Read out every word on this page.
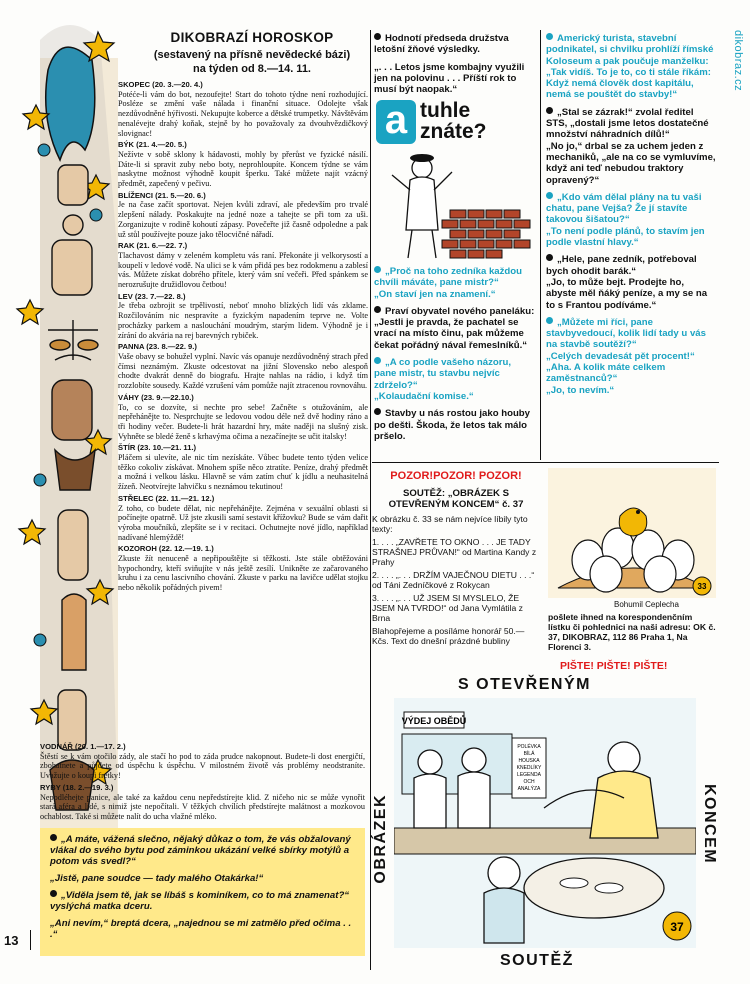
dikobraz.cz
DIKOBRAZÍ HOROSKOP
(sestavený na přísně nevědecké bázi)
na týden od 8.—14. 11.
SKOPEC (20. 3.—20. 4.)
Potéće-li vám do bot, nezoufejte! Start do tohoto týdne není rozhodující. Posléze se změní vaše nálada i finanční situace. Odolejte však nezdůvodněné hýřivosti. Nekupujte koberce a dětské trumpetky. Návštěvám nenalévejte drahý koňak, stejně by ho považovaly za dvouhvězdičkový slovignac!
BÝK (21. 4.—20. 5.)
Nežívte v sobě sklony k hádavosti, mohly by přerůst ve fyzické násilí. Dáte-li si spravit zuby nebo boty, neprohloupíte. Koncem týdne se vám naskytne možnost výhodně koupit šperku. Také můžete najít vzácný předmět, zapečený v pečivu.
BLÍŽENCI (21. 5.—20. 6.)
Je na čase začít sportovat. Nejen kvůli zdraví, ale především pro trvalé zlepšení nálady. Poskakujte na jedné noze a tahejte se při tom za uši. Zorganizujte v rodině kohoutí zápasy. Povečeřte již časně odpoledne a pak už stůl používejte pouze jako tělocvičné nářadí.
RAK (21. 6.—22. 7.)
Tlachavost dámy v zeleném kompletu vás raní. Překonáte ji velkorysostí a koupelí v ledové vodě. Na ulici se k vám přidá pes bez rodokmenu a zablesí vás. Můžete získat dobrého přítele, který vám sní večeři. Před spánkem se nerozrušujte družidlovou četbou!
LEV (23. 7.—22. 8.)
Je třeba ozbrojit se trpělivostí, neboť mnoho blízkých lidí vás zklame. Rozčilováním nic nespravíte a fyzickým napadením teprve ne. Volte procházky parkem a naslouchání moudrým, starým lidem. Výhodně je i zírání do akvária na rej barevných rybiček.
PANNA (23. 8.—22. 9.)
Vaše obavy se bohužel vyplní. Navíc vás opanuje nezdůvodněný strach před čímsi neznámým. Zkuste odcestovat na jižní Slovensko nebo alespoň chodte dvakrát denně do biografu. Hrajte nahlas na rádio, i když tím rozzlobíte sousedy. Každé vzrušení vám pomůže najít ztracenou rovnováhu.
VÁHY (23. 9.—22.10.)
To, co se dozvíte, si nechte pro sebe! Začněte s otužováním, ale nepřehánějte to. Nesprchujte se ledovou vodou déle než dvě hodiny ráno a tři hodiny večer. Budete-li hrát hazardní hry, máte naději na slušný zisk. Vyhněte se bledé ženě s krhavýma očima a nezačínejte se učit italsky!
ŠTÍR (23. 10.—21. 11.)
Pláčem si ulevíte, ale nic tím nezískáte. Vůbec budete tento týden velice těžko cokoliv získávat. Mnohem spíše něco ztratíte. Peníze, drahý předmět a možná i velkou lásku. Hlavně se vám zatím chuť k jídlu a neuhasitelná žízeň. Neotvírejte lahvičku s neznámou tekutinou!
STŘELEC (22. 11.—21. 12.)
Z toho, co budete dělat, nic nepřehánějte. Zejména v sexuální oblasti si počínejte opatrně. Už jste zkusili samí sestavit křížovku? Bude se vám dařit výroba moučníků, zlepšíte se i v recitaci. Ochutnejte nové jídlo, například nadívané hlemýždě!
KOZOROH (22. 12.—19. 1.)
Zkuste žít nenuceně a nepřipouštějte si těžkosti. Jste stále obtěžováni hypochondry, kteří sviňujíte v nás ještě zesílí. Unikněte ze začarovaného kruhu i za cenu lascivního chování. Zkuste v parku na lavičce udělat stojku nebo několik pořádných pivem!
VODNÁŘ (20. 1.—17. 2.)
Štěstí se k vám otočilo zády, ale stačí ho pod to záda prudce nakopnout. Budete-li dost energičtí, zbohatnete a půjdete od úspěchu k úspěchu. V milostném životě vás problémy neodstraníte. Uvažujte o koupi fretky!
RYBY (18. 2.—19. 3.)
Nepodléhejte panice, ale také za každou cenu nepředstírejte klid. Z ničeho nic se může vynořit stará aféra a lidé, s nimiž jste nepočítali. V těžkých chvílích předstírejte malátnost a mozkovou ochablost. Také si můžete nalít do ucha vlažné mléko.
„A máte, vážená slečno, nějaký důkaz o tom, že vás obžalovaný vlákal do svého bytu pod záminkou ukázání velké sbírky motýlů a potom vás svedl?“
„Jistě, pane soudce — tady malého Otakárka!“
„Viděla jsem tě, jak se líbáš s kominíkem, co to má znamenat?“ vyslýchá matka dceru.
„Ani nevím,“ breptá dcera, „najednou se mi zatmělo před očima . . .“
13

Hodnotí předseda družstva letošní žňové výsledky.

„. . . Letos jsme kombajny využili jen na polovinu . . . Příští rok to musí být naopak.“

a tuhle
znáte?

„Proč na toho zedníka každou chvíli máváte, pane mistr?“
„On staví jen na znamení.“

Praví obyvatel nového paneláku:
„Jestli je pravda, že pachatel se vrací na místo činu, pak můžeme čekat pořádný nával řemeslníků.“

„A co podle vašeho názoru, pane mistr, tu stavbu nejvíc zdrželo?“
„Kolaudační komise.“

Stavby u nás rostou jako houby po dešti. Škoda, že letos tak málo pršelo.

Americký turista, stavební podnikatel, si chvilku prohlíží římské Koloseum a pak poučuje manželku:
„Tak vidíš. To je to, co ti stále říkám: Když nemá člověk dost kapitálu, nemá se pouštět do stavby!“

„Stal se zázrak!“ zvolal ředitel STS, „dostali jsme letos dostatečné množství náhradních dílů!“
„No jo,“ drbal se za uchem jeden z mechaniků, „ale na co se vymluvíme, když ani teď nebudou traktory opravený?“

„Kdo vám dělal plány na tu vaši chatu, pane Vejša? Že jí stavíte takovou šišatou?“
„To není podle plánů, to stavím jen podle vlastní hlavy.“

„Hele, pane zedník, potřeboval bych ohodit barák.“
„Jo, to může bejt. Prodejte ho, abyste měl ňáký peníze, a my se na to s Frantou podíváme.“

„Můžete mi říci, pane stavbyvedoucí, kolik lidí tady u vás na stavbě soutěží?“
„Celých devadesát pět procent!“
„Aha. A kolik máte celkem zaměstnanců?“
„Jo, to nevím.“

POZOR!POZOR! POZOR!
SOUTĚŽ: „OBRÁZEK S OTEVŘENÝM KONCEM“ č. 37
K obrázku č. 33 se nám nejvíce líbily tyto texty:
1. . . . „ZAVŘETE TO OKNO . . . JE TADY STRAŠNEJ PRŮVAN!“ od Martina Kandy z Prahy
2. . . . „. . . DRŽÍM VAJEČNOU DIETU . . .“ od Táni Zedníčkové z Rokycan
3. . . . „. . . UŽ JSEM SI MYSLELO, ŽE JSEM NA TVRDO!“ od Jana Vymlátila z Brna
Blahopřejeme a posíláme honorář 50.— Kčs. Text do dnešní prázdné bubliny
33
Bohumil Ceplecha
pošlete ihned na korespondenčním lístku či pohlednici na naši adresu: OK č. 37, DIKOBRAZ, 112 86 Praha 1, Na Florenci 3.
PIŠTE! PIŠTE! PIŠTE!
S OTEVŘENÝM
OBRÁZEK	KONCEM
SOUTĚŽ
VÝDEJ OBĚDŮ
POLÉVKA
BÍLÁ
HOUSKA
KNEDLÍKY
LEGENDA
OCH
ANALÝZA
37
